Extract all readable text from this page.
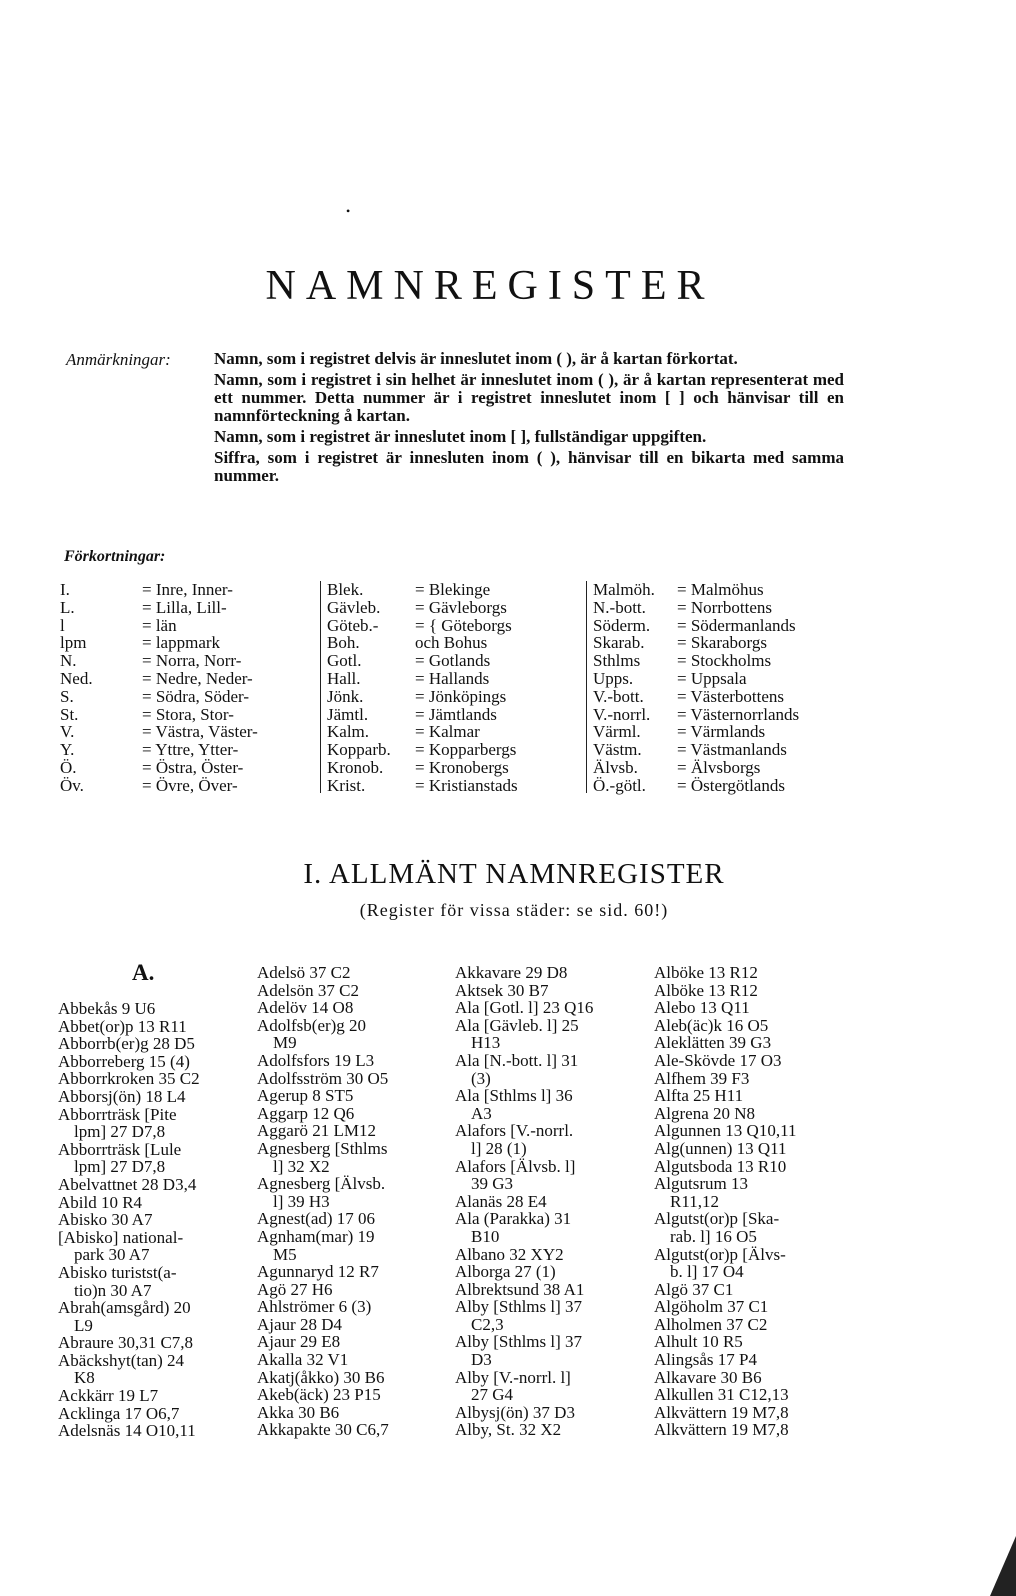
•
NAMNREGISTER
Anmärkningar:	Namn, som i registret delvis är inneslutet inom ( ), är å kartan förkortat.

Namn, som i registret i sin helhet är inneslutet inom ( ), är å kartan representerat med ett nummer. Detta nummer är i registret inneslutet inom [ ] och hänvisar till en namnförteckning å kartan.

Namn, som i registret är inneslutet inom [ ], fullständigar uppgiften.

Siffra, som i registret är innesluten inom ( ), hänvisar till en bikarta med samma nummer.

Förkortningar:
I.	= Inre, Inner-
L.	= Lilla, Lill-
l	= län
lpm	= lappmark
N.	= Norra, Norr-
Ned.	= Nedre, Neder-
S.	= Södra, Söder-
St.	= Stora, Stor-
V.	= Västra, Väster-
Y.	= Yttre, Ytter-
Ö.	= Östra, Öster-
Öv.	= Övre, Över-
Blek.	= Blekinge
Gävleb. = Gävleborgs
Göteb.- = { Göteborgs
Boh.	och Bohus
Gotl.	= Gotlands
Hall.	= Hallands
Jönk.	= Jönköpings
Jämtl.	= Jämtlands
Kalm.	= Kalmar
Kopparb. = Kopparbergs
Kronob. = Kronobergs
Krist.	= Kristianstads
Malmöh. = Malmöhus
N.-bott. = Norrbottens
Söderm. = Södermanlands
Skarab. = Skaraborgs
Sthlms = Stockholms
Upps.	= Uppsala
V.-bott. = Västerbottens
V.-norrl. = Västernorrlands
Värml. = Värmlands
Västm. = Västmanlands
Älvsb. = Älvsborgs
Ö.-götl. = Östergötlands
I. ALLMÄNT NAMNREGISTER
(Register för vissa städer: se sid. 60!)
A.
Abbekås 9 U6
Abbet(or)p 13 R11
Abborrb(er)g 28 D5
Abborreberg 15 (4)
Abborrkroken 35 C2
Abborsj(ön) 18 L4
Abborrträsk [Pite
lpm] 27 D7,8
Abborrträsk [Lule
lpm] 27 D7,8
Abelvattnet 28 D3,4
Abild 10 R4
Abisko 30 A7
[Abisko] national-
park 30 A7
Abisko turistst(a-
tio)n 30 A7
Abrah(amsgård) 20
L9
Abraure 30,31 C7,8
Abäckshyt(tan) 24
K8
Ackkärr 19 L7
Acklinga 17 O6,7
Adelsnäs 14 O10,11
Adelsö 37 C2
Adelsön 37 C2
Adelöv 14 O8
Adolfsb(er)g 20
M9
Adolfsfors 19 L3
Adolfsström 30 O5
Agerup 8 ST5
Aggarp 12 Q6
Aggarö 21 LM12
Agnesberg [Sthlms
l] 32 X2
Agnesberg [Älvsb.
l] 39 H3
Agnest(ad) 17 06
Agnham(mar) 19
M5
Agunnaryd 12 R7
Agö 27 H6
Ahlströmer 6 (3)
Ajaur 28 D4
Ajaur 29 E8
Akalla 32 V1
Akatj(åkko) 30 B6
Akeb(äck) 23 P15
Akka 30 B6
Akkapakte 30 C6,7
Akkavare 29 D8
Aktsek 30 B7
Ala [Gotl. l] 23 Q16
Ala [Gävleb. l] 25
H13
Ala [N.-bott. l] 31
(3)
Ala [Sthlms l] 36
A3
Alafors [V.-norrl.
l] 28 (1)
Alafors [Älvsb. l]
39 G3
Alanäs 28 E4
Ala (Parakka) 31
B10
Albano 32 XY2
Alborga 27 (1)
Albrektsund 38 A1
Alby [Sthlms l] 37
C2,3
Alby [Sthlms l] 37
D3
Alby [V.-norrl. l]
27 G4
Albysj(ön) 37 D3
Alby, St. 32 X2
Alböke 13 R12
Alböke 13 R12
Alebo 13 Q11
Aleb(äc)k 16 O5
Aleklätten 39 G3
Ale-Skövde 17 O3
Alfhem 39 F3
Alfta 25 H11
Algrena 20 N8
Algunnen 13 Q10,11
Alg(unnen) 13 Q11
Algutsboda 13 R10
Algutsrum 13
R11,12
Algutst(or)p [Ska-
rab. l] 16 O5
Algutst(or)p [Älvs-
b. l] 17 O4
Algö 37 C1
Algöholm 37 C1
Alholmen 37 C2
Alhult 10 R5
Alingsås 17 P4
Alkavare 30 B6
Alkullen 31 C12,13
Alkvättern 19 M7,8
Alkvättern 19 M7,8
